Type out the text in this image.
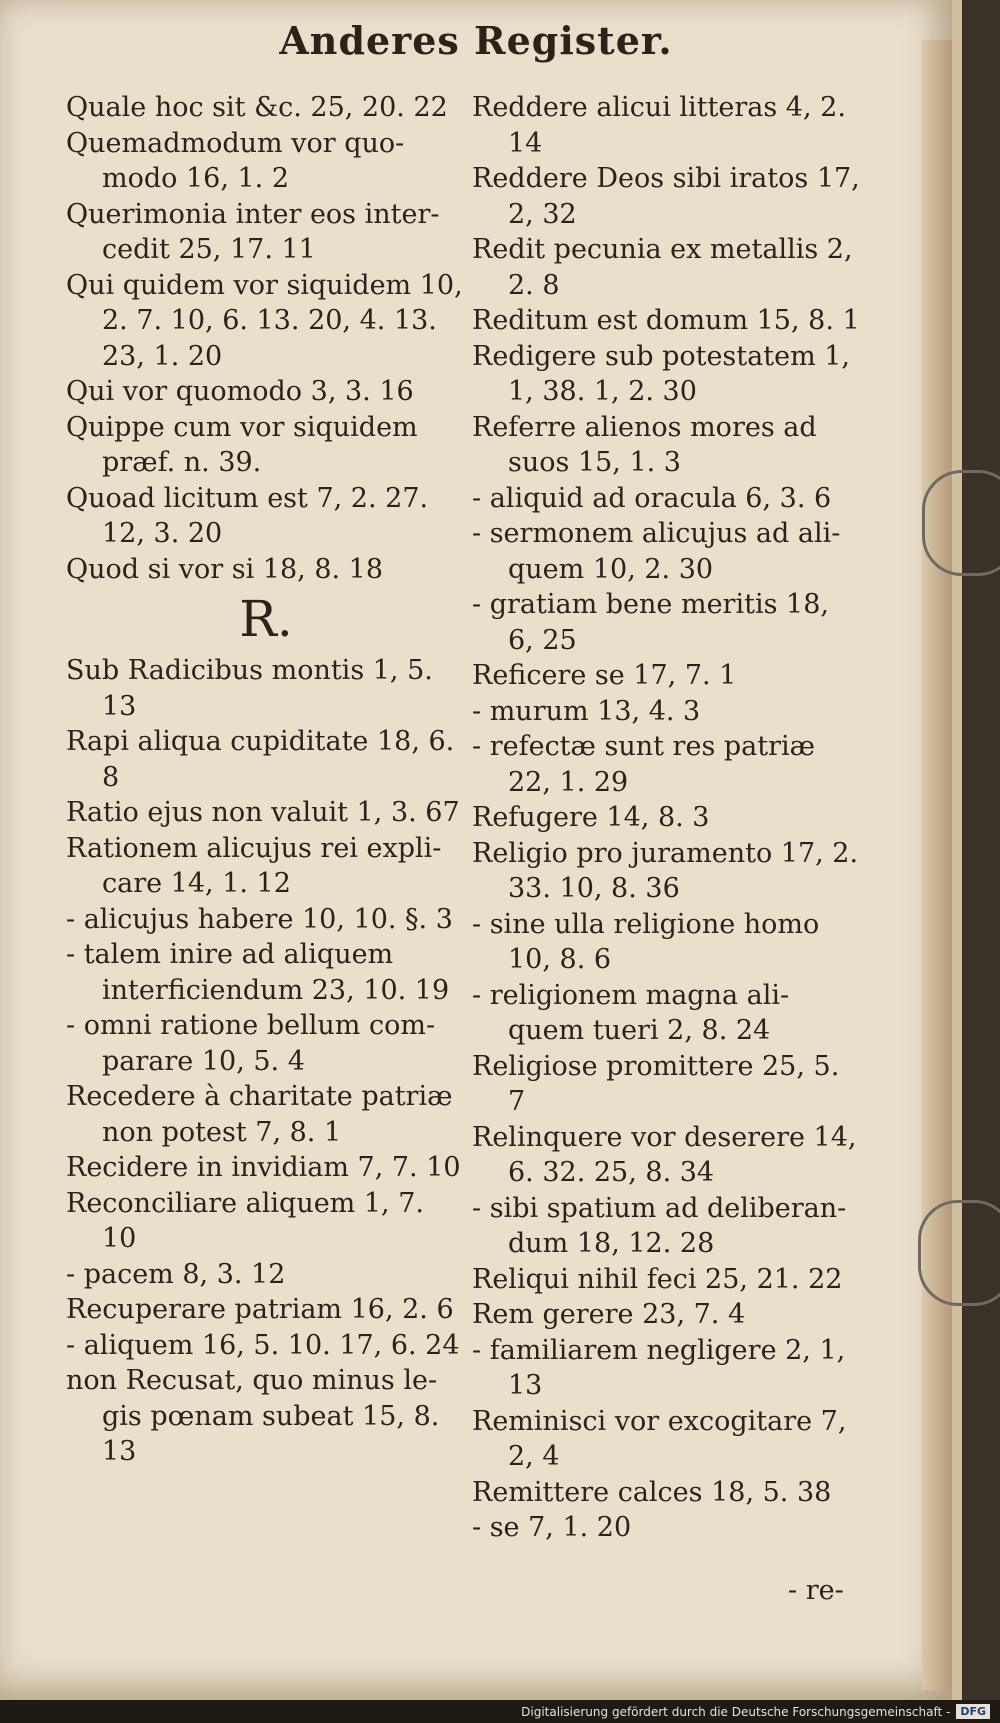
Anderes Register.

Quale hoc sit &c. 25, 20. 22

Quemadmodum vor quo- modo 16, 1. 2

Querimonia inter eos inter- cedit 25, 17. 11

Qui quidem vor siquidem 10, 2. 7. 10, 6. 13. 20, 4. 13. 23, 1. 20

Qui vor quomodo 3, 3. 16

Quippe cum vor siquidem præf. n. 39.

Quoad licitum est 7, 2. 27. 12, 3. 20

Quod si vor si 18, 8. 18

R.

Sub Radicibus montis 1, 5. 13

Rapi aliqua cupiditate 18, 6. 8

Ratio ejus non valuit 1, 3. 67

Rationem alicujus rei expli- care 14, 1. 12

- alicujus habere 10, 10. §. 3

- talem inire ad aliquem interficiendum 23, 10. 19

- omni ratione bellum com- parare 10, 5. 4

Recedere à charitate patriæ non potest 7, 8. 1

Recidere in invidiam 7, 7. 10

Reconciliare aliquem 1, 7. 10

- pacem 8, 3. 12

Recuperare patriam 16, 2. 6

- aliquem 16, 5. 10. 17, 6. 24

non Recusat, quo minus le- gis pœnam subeat 15, 8. 13

Reddere alicui litteras 4, 2. 14

Reddere Deos sibi iratos 17, 2, 32

Redit pecunia ex metallis 2, 2. 8

Reditum est domum 15, 8. 1

Redigere sub potestatem 1, 1, 38. 1, 2. 30

Referre alienos mores ad suos 15, 1. 3

- aliquid ad oracula 6, 3. 6

- sermonem alicujus ad ali- quem 10, 2. 30

- gratiam bene meritis 18, 6, 25

Reficere se 17, 7. 1

- murum 13, 4. 3

- refectæ sunt res patriæ 22, 1. 29

Refugere 14, 8. 3

Religio pro juramento 17, 2. 33. 10, 8. 36

- sine ulla religione homo 10, 8. 6

- religionem magna ali- quem tueri 2, 8. 24

Religiose promittere 25, 5. 7

Relinquere vor deserere 14, 6. 32. 25, 8. 34

- sibi spatium ad deliberan- dum 18, 12. 28

Reliqui nihil feci 25, 21. 22

Rem gerere 23, 7. 4

- familiarem negligere 2, 1, 13

Reminisci vor excogitare 7, 2, 4

Remittere calces 18, 5. 38

- se 7, 1. 20

- re-
Digitalisierung gefördert durch die Deutsche Forschungsgemeinschaft - DFG
